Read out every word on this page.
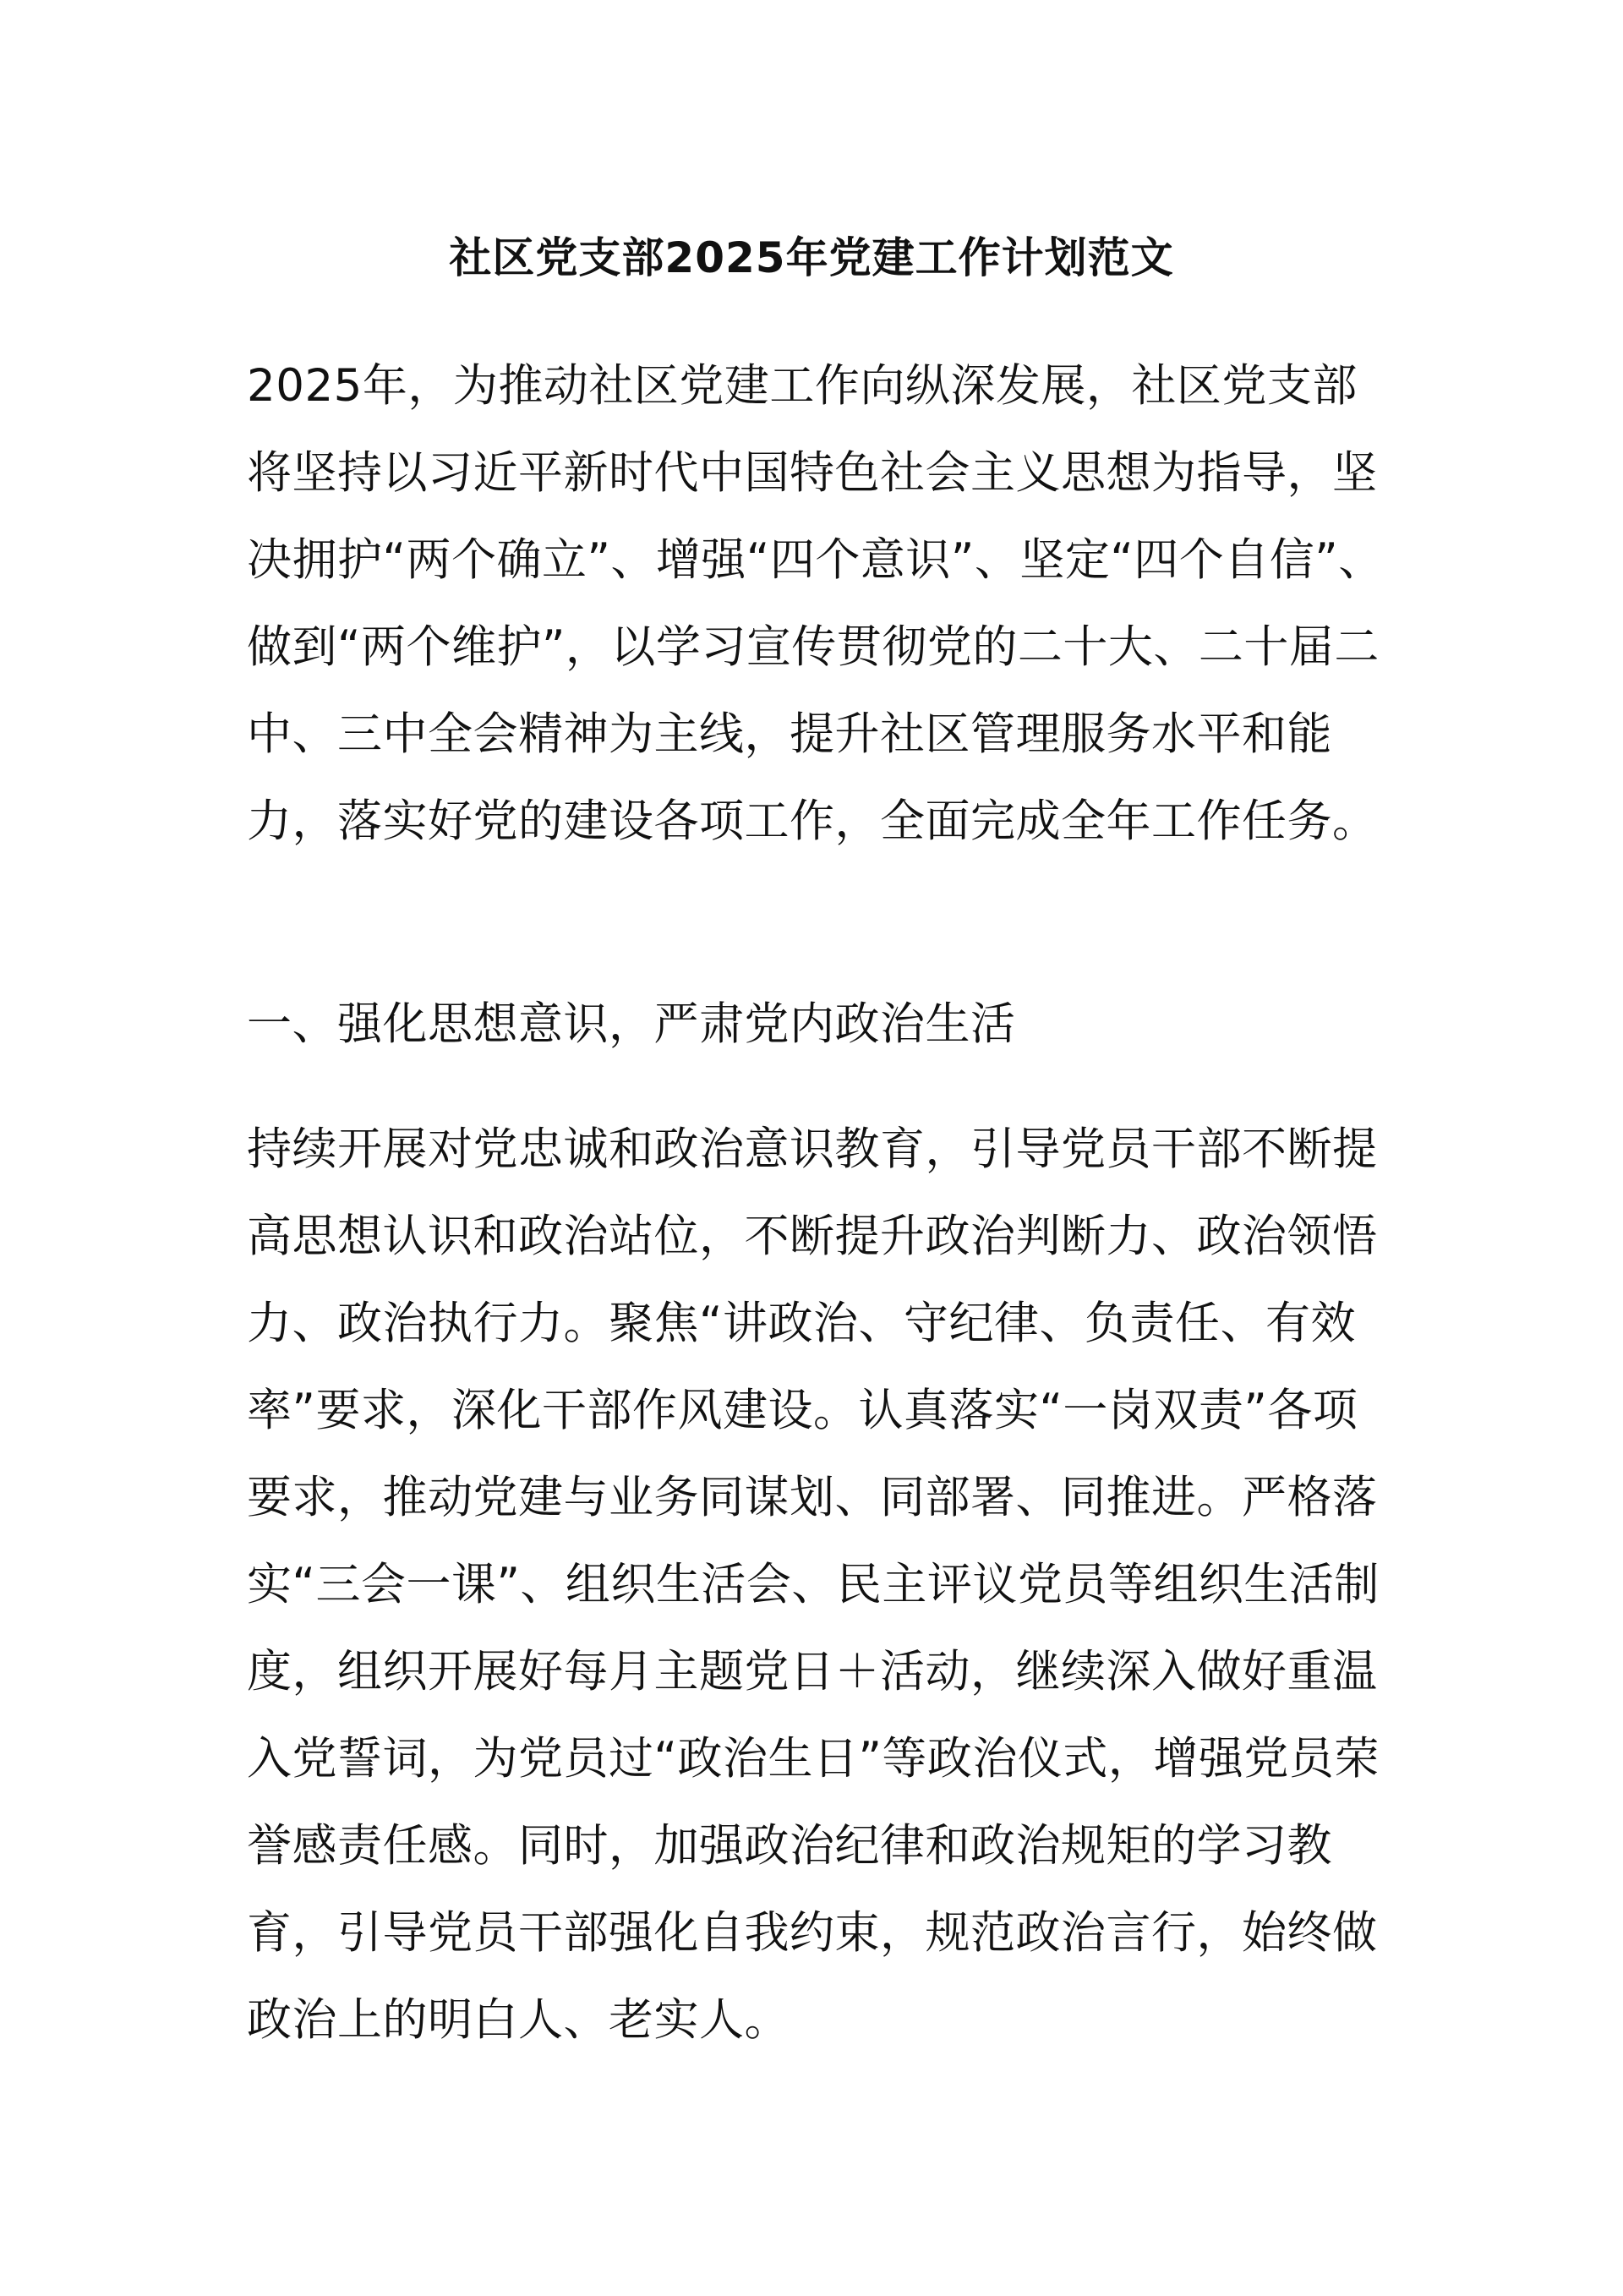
社区党支部2025年党建工作计划范文

2025年，为推动社区党建工作向纵深发展，社区党支部将坚持以习近平新时代中国特色社会主义思想为指导，坚决拥护“两个确立”、增强“四个意识”、坚定“四个自信”、做到“两个维护”，以学习宣传贯彻党的二十大、二十届二中、三中全会精神为主线，提升社区管理服务水平和能力，落实好党的建设各项工作，全面完成全年工作任务。

一、强化思想意识，严肃党内政治生活

持续开展对党忠诚和政治意识教育，引导党员干部不断提高思想认识和政治站位，不断提升政治判断力、政治领悟力、政治执行力。聚焦“讲政治、守纪律、负责任、有效率”要求，深化干部作风建设。认真落实“一岗双责”各项要求，推动党建与业务同谋划、同部署、同推进。严格落实“三会一课”、组织生活会、民主评议党员等组织生活制度，组织开展好每月主题党日＋活动，继续深入做好重温入党誓词，为党员过“政治生日”等政治仪式，增强党员荣誉感责任感。同时，加强政治纪律和政治规矩的学习教育，引导党员干部强化自我约束，规范政治言行，始终做政治上的明白人、老实人。
